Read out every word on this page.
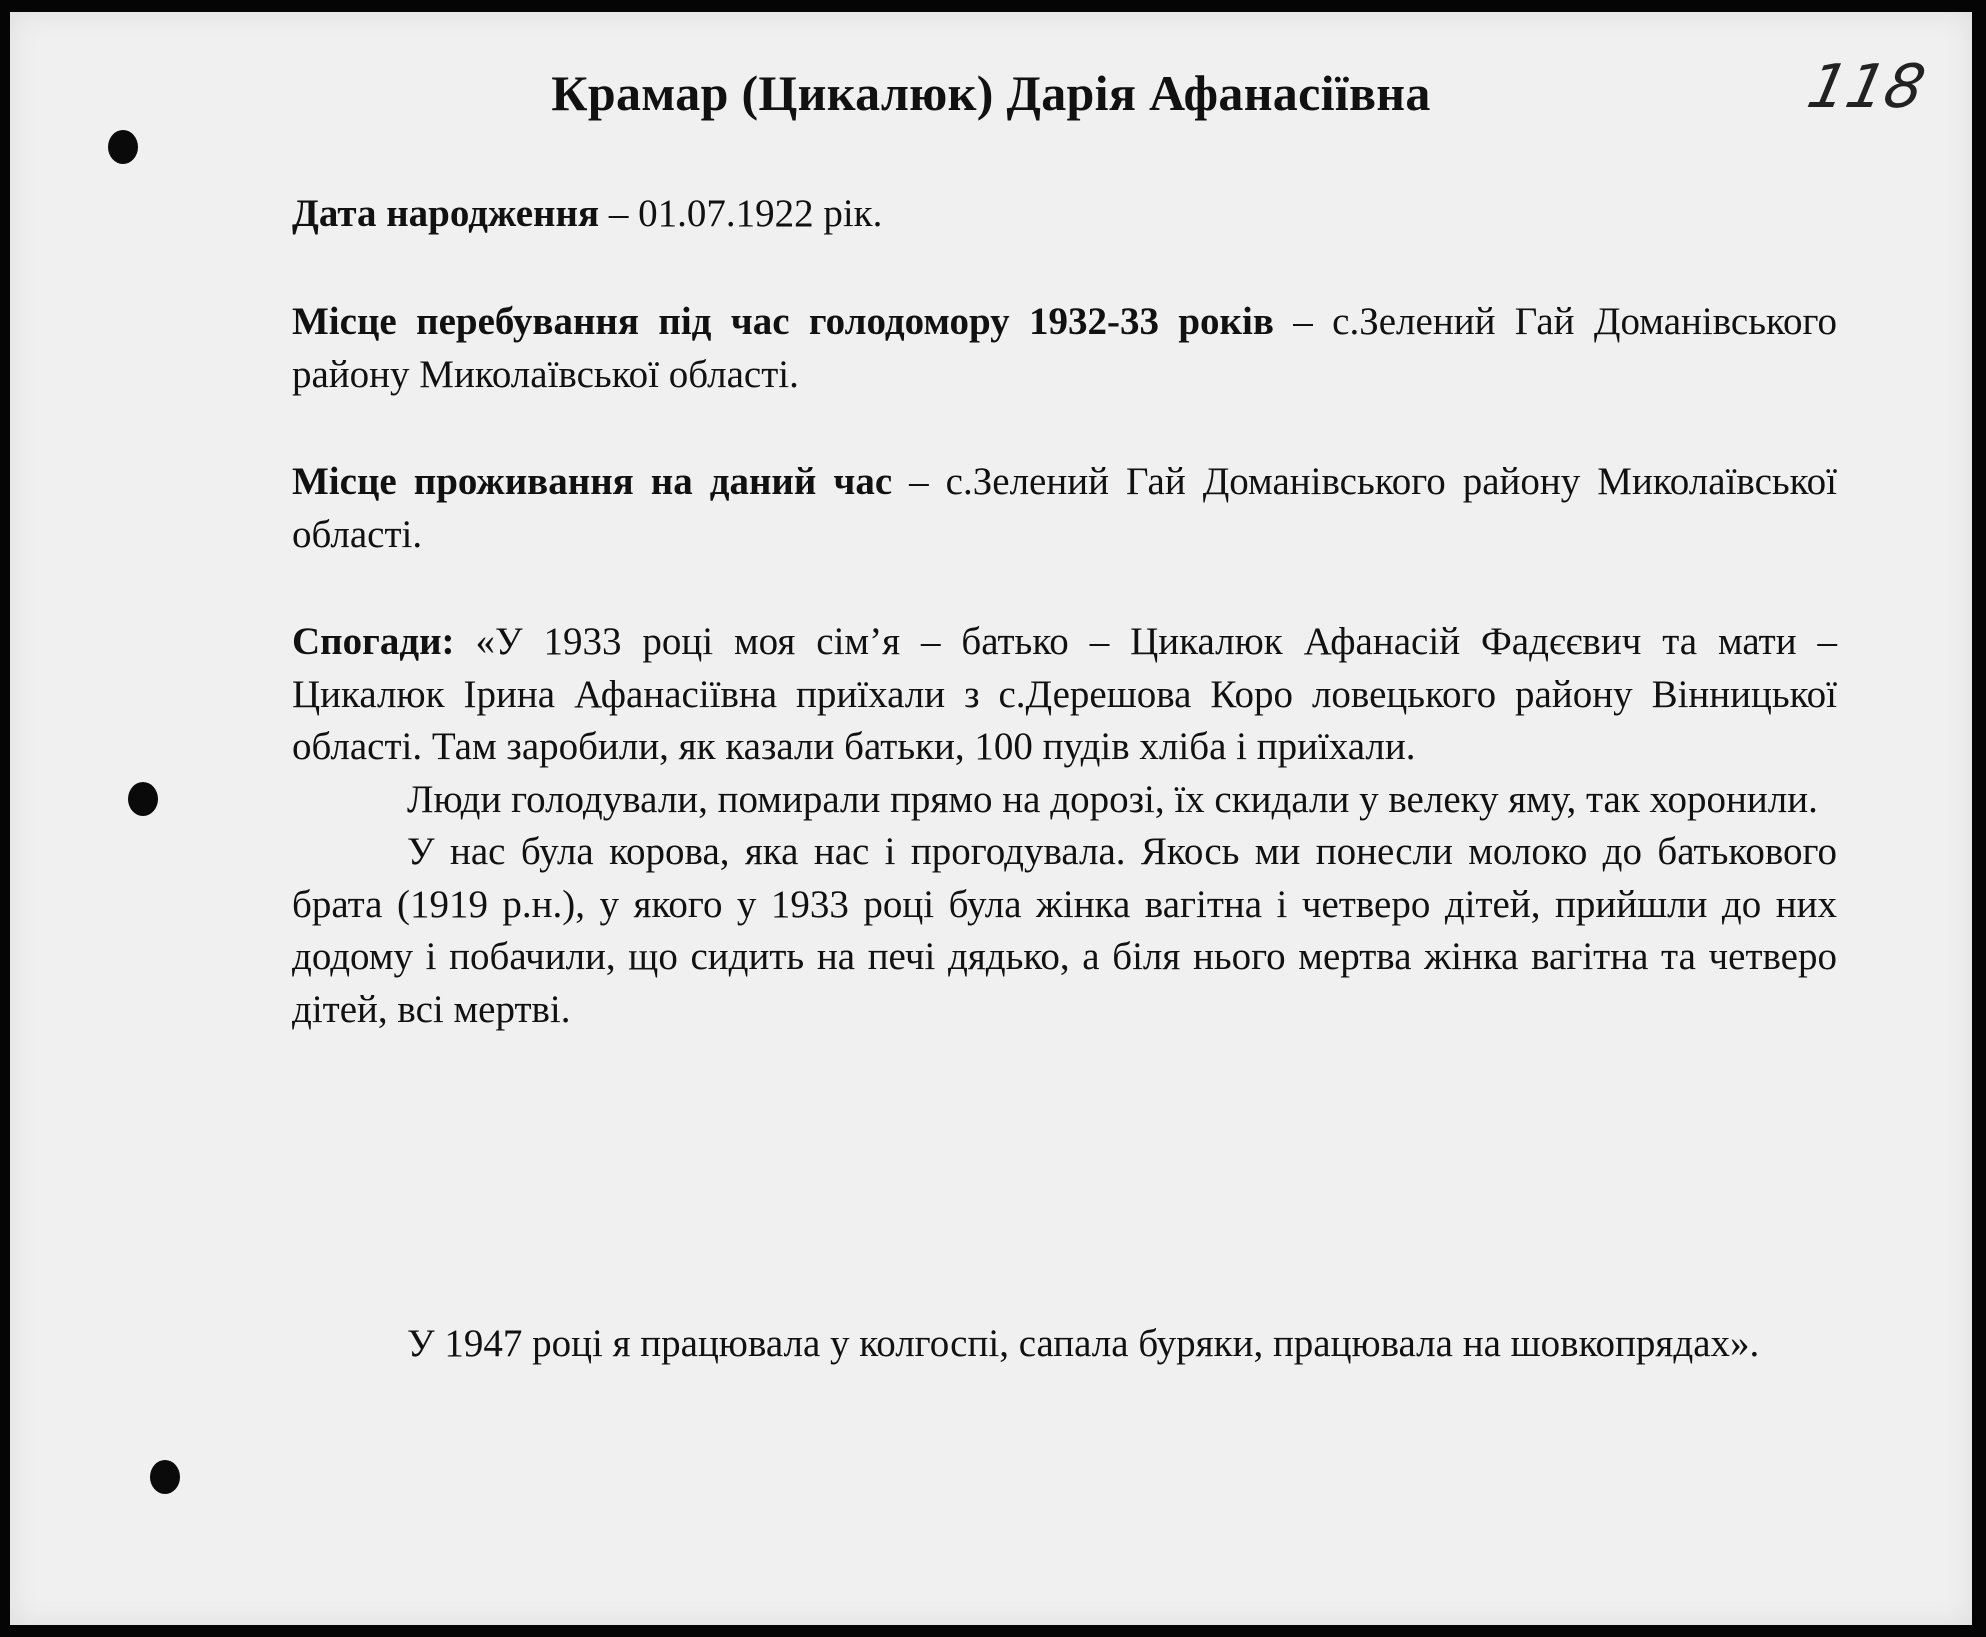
Крамар (Цикалюк) Дарія Афанасіївна	118

Дата народження – 01.07.1922 рік.

Місце перебування під час голодомору 1932-33 років – с.Зелений Гай Доманівського району Миколаївської області.

Місце проживання на даний час – с.Зелений Гай Доманівського району Миколаївської області.

Спогади: «У 1933 році моя сім’я – батько – Цикалюк Афанасій Фадєєвич та мати – Цикалюк Ірина Афанасіївна приїхали з с.Дерешова Коро ловецького району Вінницької області. Там заробили, як казали батьки, 100 пудів хліба і приїхали.

Люди голодували, помирали прямо на дорозі, їх скидали у велеку яму, так хоронили.

У нас була корова, яка нас і прогодувала. Якось ми понесли молоко до батькового брата (1919 р.н.), у якого у 1933 році була жінка вагітна і четверо дітей, прийшли до них додому і побачили, що сидить на печі дядько, а біля нього мертва жінка вагітна та четверо дітей, всі мертві.

У 1947 році я працювала у колгоспі, сапала буряки, працювала на шовкопрядах».
